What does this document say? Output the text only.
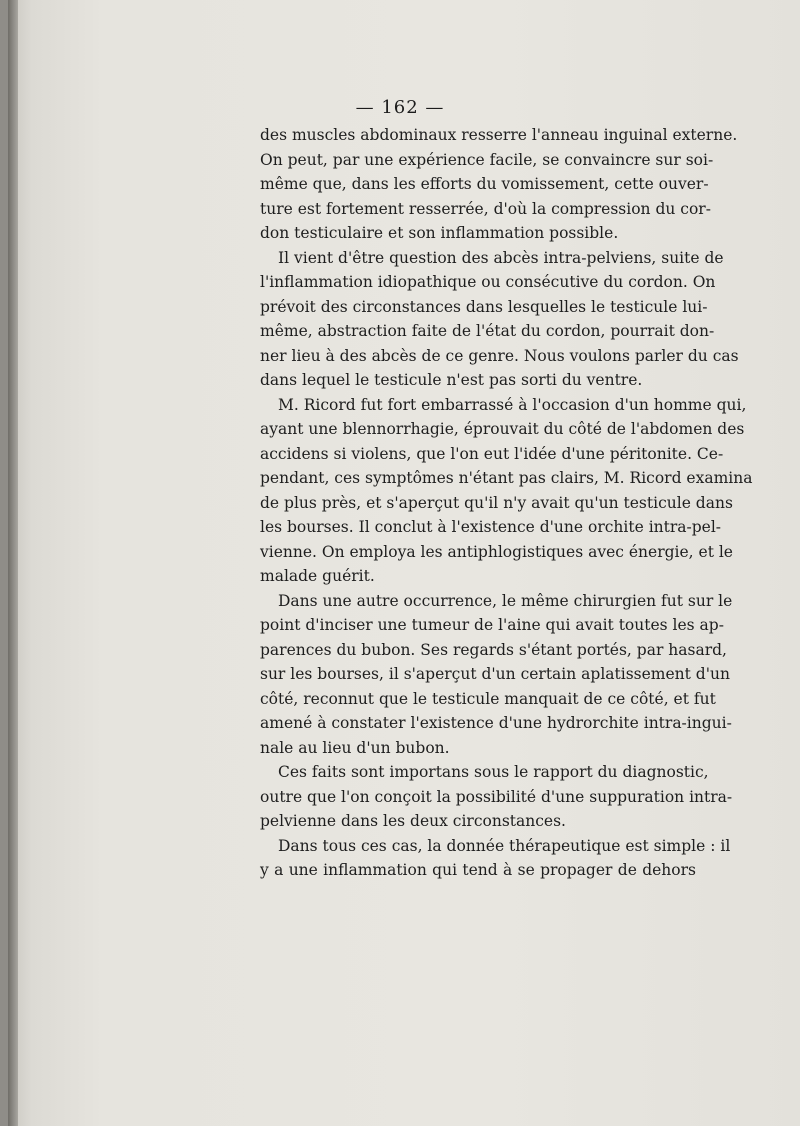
— 162 —
des muscles abdominaux resserre l'anneau inguinal externe.
On peut, par une expérience facile, se convaincre sur soi-
même que, dans les efforts du vomissement, cette ouver-
ture est fortement resserrée, d'où la compression du cor-
don testiculaire et son inflammation possible.
Il vient d'être question des abcès intra-pelviens, suite de
l'inflammation idiopathique ou consécutive du cordon. On
prévoit des circonstances dans lesquelles le testicule lui-
même, abstraction faite de l'état du cordon, pourrait don-
ner lieu à des abcès de ce genre. Nous voulons parler du cas
dans lequel le testicule n'est pas sorti du ventre.
M. Ricord fut fort embarrassé à l'occasion d'un homme qui,
ayant une blennorrhagie, éprouvait du côté de l'abdomen des
accidens si violens, que l'on eut l'idée d'une péritonite. Ce-
pendant, ces symptômes n'étant pas clairs, M. Ricord examina
de plus près, et s'aperçut qu'il n'y avait qu'un testicule dans
les bourses. Il conclut à l'existence d'une orchite intra-pel-
vienne. On employa les antiphlogistiques avec énergie, et le
malade guérit.
Dans une autre occurrence, le même chirurgien fut sur le
point d'inciser une tumeur de l'aine qui avait toutes les ap-
parences du bubon. Ses regards s'étant portés, par hasard,
sur les bourses, il s'aperçut d'un certain aplatissement d'un
côté, reconnut que le testicule manquait de ce côté, et fut
amené à constater l'existence d'une hydrorchite intra-ingui-
nale au lieu d'un bubon.
Ces faits sont importans sous le rapport du diagnostic,
outre que l'on conçoit la possibilité d'une suppuration intra-
pelvienne dans les deux circonstances.
Dans tous ces cas, la donnée thérapeutique est simple : il
y a une inflammation qui tend à se propager de dehors
